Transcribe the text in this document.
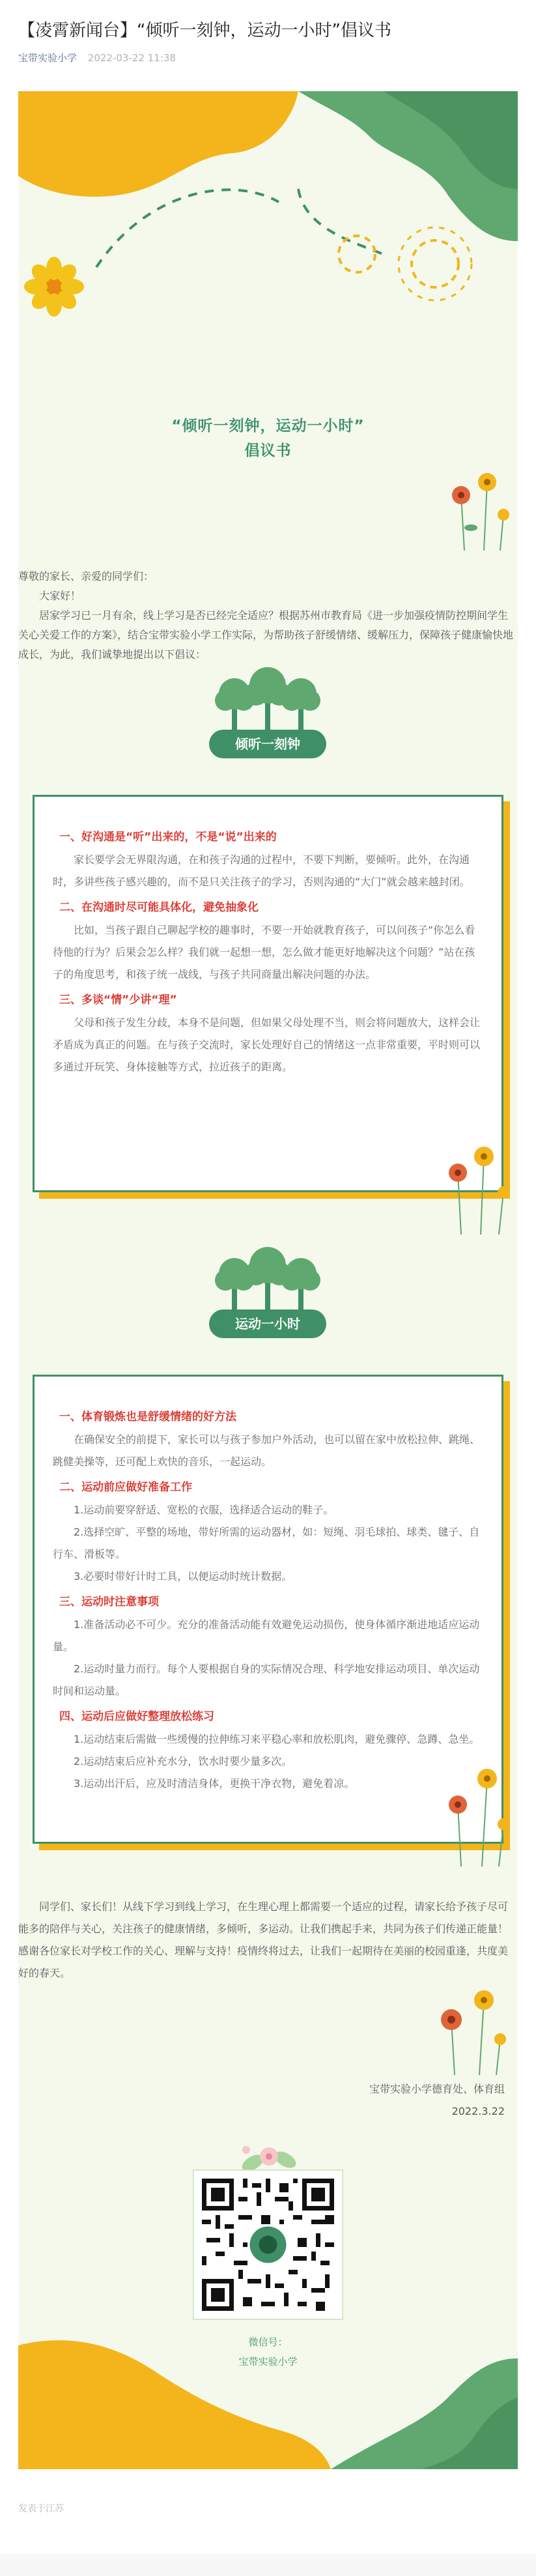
【凌霄新闻台】“倾听一刻钟，运动一小时”倡议书
宝带实验小学 2022-03-22 11:38
“倾听一刻钟，运动一小时”
倡议书

尊敬的家长、亲爱的同学们：

大家好！

居家学习已一月有余，线上学习是否已经完全适应？根据苏州市教育局《进一步加强疫情防控期间学生关心关爱工作的方案》，结合宝带实验小学工作实际，为帮助孩子舒缓情绪、缓解压力，保障孩子健康愉快地成长，为此，我们诚挚地提出以下倡议：

倾听一刻钟
一、好沟通是“听”出来的，不是“说”出来的

家长要学会无界限沟通，在和孩子沟通的过程中，不要下判断，要倾听。此外，在沟通时，多讲些孩子感兴趣的，而不是只关注孩子的学习，否则沟通的“大门”就会越来越封闭。

二、在沟通时尽可能具体化，避免抽象化

比如，当孩子跟自己聊起学校的趣事时，不要一开始就教育孩子，可以问孩子“你怎么看待他的行为？后果会怎么样？我们就一起想一想，怎么做才能更好地解决这个问题？”站在孩子的角度思考，和孩子统一战线，与孩子共同商量出解决问题的办法。

三、多谈“情”少讲“理”

父母和孩子发生分歧，本身不是问题，但如果父母处理不当，则会将问题放大，这样会让矛盾成为真正的问题。在与孩子交流时，家长处理好自己的情绪这一点非常重要，平时则可以多通过开玩笑、身体接触等方式，拉近孩子的距离。

运动一小时
一、体育锻炼也是舒缓情绪的好方法

在确保安全的前提下，家长可以与孩子参加户外活动，也可以留在家中放松拉伸、跳绳、跳健美操等，还可配上欢快的音乐，一起运动。

二、运动前应做好准备工作

1.运动前要穿舒适、宽松的衣服，选择适合运动的鞋子。

2.选择空旷、平整的场地，带好所需的运动器材，如：短绳、羽毛球拍、球类、毽子、自行车、滑板等。

3.必要时带好计时工具，以便运动时统计数据。

三、运动时注意事项

1.准备活动必不可少。充分的准备活动能有效避免运动损伤，使身体循序渐进地适应运动量。

2.运动时量力而行。每个人要根据自身的实际情况合理、科学地安排运动项目、单次运动时间和运动量。

四、运动后应做好整理放松练习

1.运动结束后需做一些缓慢的拉伸练习来平稳心率和放松肌肉，避免骤停、急蹲、急坐。

2.运动结束后应补充水分，饮水时要少量多次。

3.运动出汗后，应及时清洁身体，更换干净衣物，避免着凉。

同学们、家长们！从线下学习到线上学习，在生理心理上都需要一个适应的过程，请家长给予孩子尽可能多的陪伴与关心，关注孩子的健康情绪，多倾听，多运动。让我们携起手来，共同为孩子们传递正能量！感谢各位家长对学校工作的关心、理解与支持！疫情终将过去，让我们一起期待在美丽的校园重逢，共度美好的春天。

宝带实验小学德育处、体育组
2022.3.22
微信号：
宝带实验小学
发表于江苏
